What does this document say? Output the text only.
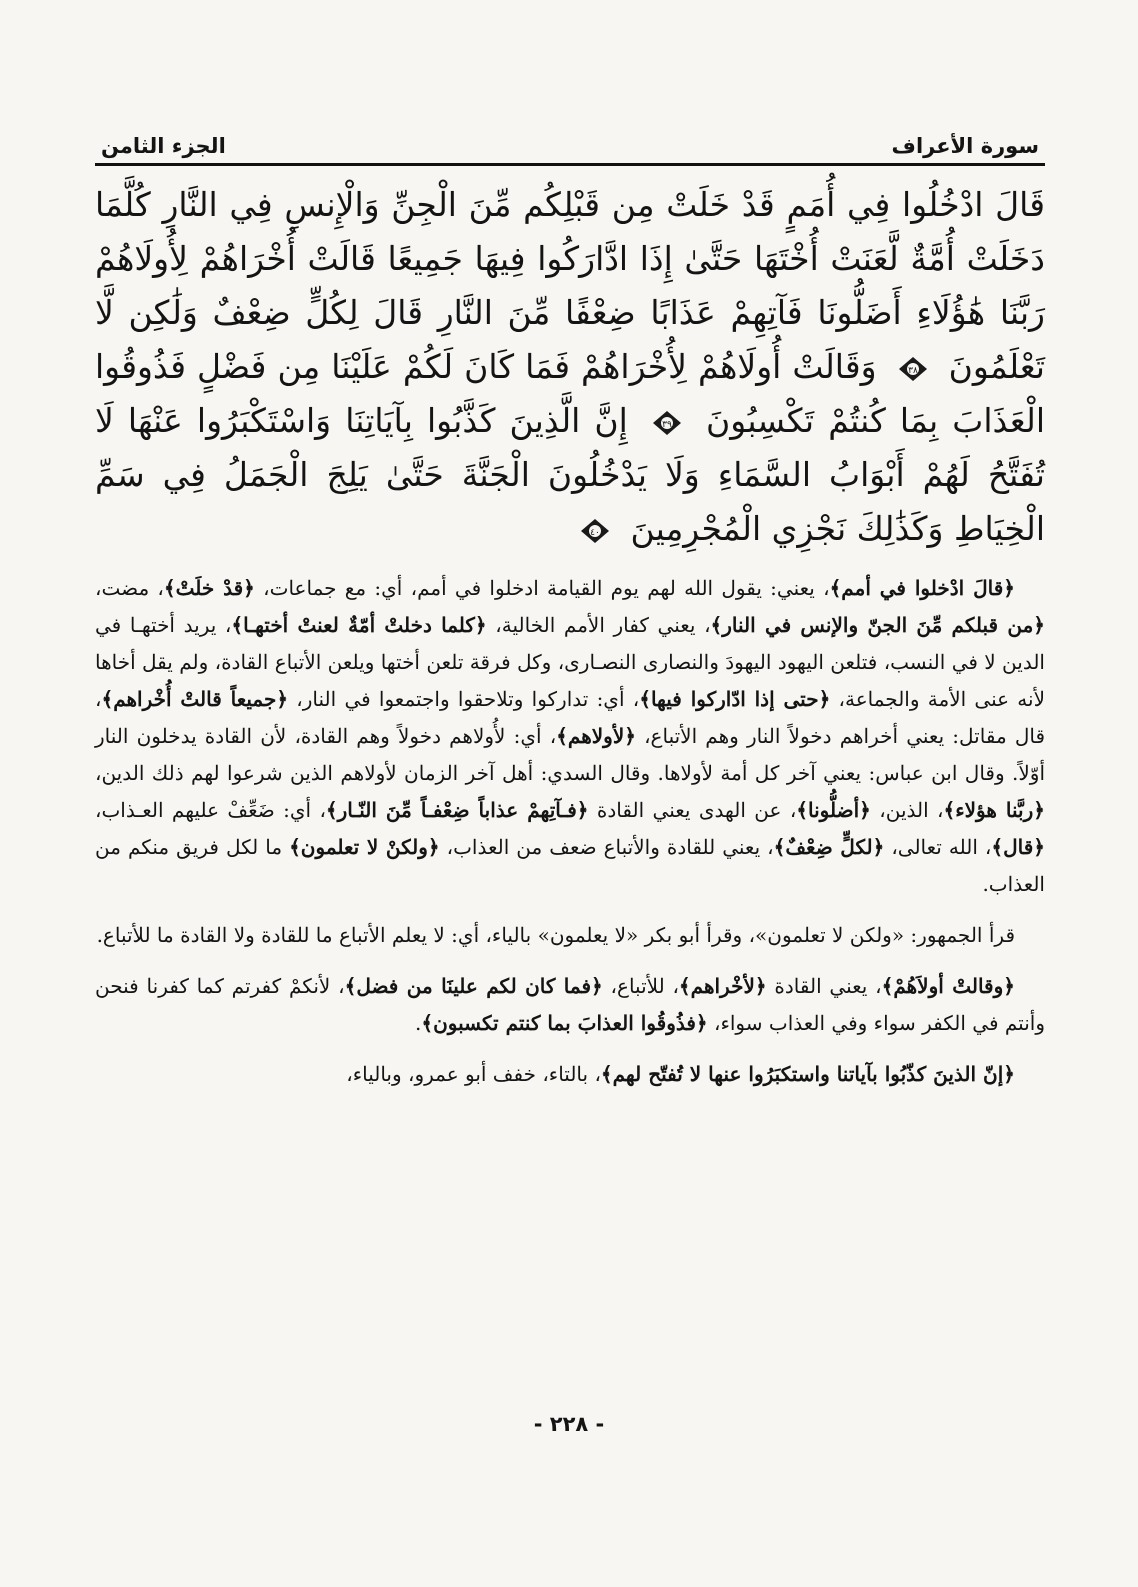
سورة الأعراف
الجزء الثامن
قَالَ ادْخُلُوا فِي أُمَمٍ قَدْ خَلَتْ مِن قَبْلِكُم مِّنَ الْجِنِّ وَالْإِنسِ فِي النَّارِ كُلَّمَا دَخَلَتْ أُمَّةٌ لَّعَنَتْ أُخْتَهَا حَتَّىٰ إِذَا ادَّارَكُوا فِيهَا جَمِيعًا قَالَتْ أُخْرَاهُمْ لِأُولَاهُمْ رَبَّنَا هَٰؤُلَاءِ أَضَلُّونَا فَآتِهِمْ عَذَابًا ضِعْفًا مِّنَ النَّارِ قَالَ لِكُلٍّ ضِعْفٌ وَلَٰكِن لَّا تَعْلَمُونَ
٣٨
وَقَالَتْ أُولَاهُمْ لِأُخْرَاهُمْ فَمَا كَانَ لَكُمْ عَلَيْنَا مِن فَضْلٍ فَذُوقُوا الْعَذَابَ بِمَا كُنتُمْ تَكْسِبُونَ
٣٩
إِنَّ الَّذِينَ كَذَّبُوا بِآيَاتِنَا وَاسْتَكْبَرُوا عَنْهَا لَا تُفَتَّحُ لَهُمْ أَبْوَابُ السَّمَاءِ وَلَا يَدْخُلُونَ الْجَنَّةَ حَتَّىٰ يَلِجَ الْجَمَلُ فِي سَمِّ الْخِيَاطِ وَكَذَٰلِكَ نَجْزِي الْمُجْرِمِينَ
٤٠

﴿قالَ ادْخلوا في أمم﴾، يعني: يقول الله لهم يوم القيامة ادخلوا في أمم، أي: مع جماعات، ﴿قدْ خلَتْ﴾، مضت، ﴿من قبلكم مِّنَ الجنّ والإنس في النار﴾، يعني كفار الأمم الخالية، ﴿كلما دخلتْ أمّةٌ لعنتْ أختهـا﴾، يريد أختهـا في الدين لا في النسب، فتلعن اليهود اليهودَ والنصارى النصـارى، وكل فرقة تلعن أختها ويلعن الأتباع القادة، ولم يقل أخاها لأنه عنى الأمة والجماعة، ﴿حتى إذا ادّاركوا فيها﴾، أي: تداركوا وتلاحقوا واجتمعوا في النار، ﴿جميعاً قالتْ أُخْراهم﴾، قال مقاتل: يعني أخراهم دخولاً النار وهم الأتباع، ﴿لأولاهم﴾، أي: لأُولاهم دخولاً وهم القادة، لأن القادة يدخلون النار أوّلاً. وقال ابن عباس: يعني آخر كل أمة لأولاها. وقال السدي: أهل آخر الزمان لأولاهم الذين شرعوا لهم ذلك الدين، ﴿ربَّنا هؤلاء﴾، الذين، ﴿أضلُّونا﴾، عن الهدى يعني القادة ﴿فـآتِهمْ عذاباً ضِعْفـاً مِّنَ النّـار﴾، أي: ضَعِّفْ عليهم العـذاب، ﴿قال﴾، الله تعالى، ﴿لكلٍّ ضِعْفٌ﴾، يعني للقادة والأتباع ضعف من العذاب، ﴿ولكنْ لا تعلمون﴾ ما لكل فريق منكم من العذاب.

قرأ الجمهور: «ولكن لا تعلمون»، وقرأ أبو بكر «لا يعلمون» بالياء، أي: لا يعلم الأتباع ما للقادة ولا القادة ما للأتباع.

﴿وقالتْ أولاَهُمْ﴾، يعني القادة ﴿لأخْراهم﴾، للأتباع، ﴿فما كان لكم علينَا من فضل﴾، لأنكمْ كفرتم كما كفرنا فنحن وأنتم في الكفر سواء وفي العذاب سواء، ﴿فذُوقُوا العذابَ بما كنتم تكسبون﴾.

﴿إنّ الذينَ كذّبُوا بآياتنا واستكبَرُوا عنها لا تُفتّح لهم﴾، بالتاء، خفف أبو عمرو، وبالياء،

- ٢٢٨ -
